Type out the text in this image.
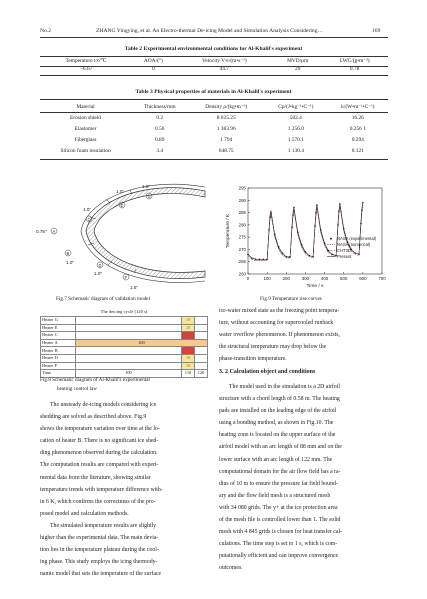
No.2	ZHANG Yingying, et al. An Electro-thermal De-icing Model and Simulation Analysis Considering…	169
Table 2 Experimental environmental conditions for Al-Khalil's experiment
Temperature t∞/℃	AOA/(°)	Velocity V∞/(m•s⁻¹)	MVD/μm	LWC/(g•m⁻³)
−6.67	0	44.7	20	0.78
Table 3 Physical properties of materials in Al-Khalil's experiment
Material	Thickness/mm	Density ρ/(kg•m⁻³)	Cp/(J•kg⁻¹•C⁻¹)	k/(W•m⁻¹•C⁻¹)
Erosion shield	0.2	8 025.25	502.4	16.26
Elastomer	0.56	1 383.96	1 256.0	0.256 1
Fiberglass	0.89	1 794	1 570.1	0.294
Silicon foam insulation	3.4	648.75	1 130.4	0.121
1.5"
G
1.0"
E
1.0"
C
0.75" A
B
1.0"
D
1.0"
F
1.5"
Fig.7 Schematic diagram of validation model
The deicing cycle (120 s)
Heater G		10	
Heater E		10	
Heater C			
Heater A	100		
Heater B			
Heater D		10	
Heater F		10	
Time	100	110	120
Fig.8 Schematic diagram of Al-Khalil's experimental
heating control law
0	100	200	300	400	500	600	700
260
265
270
275
280
285
290
295
Time / s
Temperature / K	NASA (experimental)
NASA (numerical)
CHT3D
Present
Fig.9 Temperature rise curves
The unsteady de-icing models considering ice
shedding are solved as described above. Fig.9
shows the temperature variation over time at the lo-
cation of heater B. There is no significant ice shed-
ding phenomenon observed during the calculation.
The computation results are compared with experi-
mental data from the literature, showing similar
temperature trends with temperature difference with-
in 6 K, which confirms the correctness of the pro-
posed model and calculation methods.
The simulated temperature results are slightly
higher than the experimental data. The main devia-
tion lies in the temperature plateau during the cool-
ing phase. This study employs the icing thermody-
namic model that sets the temperature of the surface
ice-water mixed state as the freezing point tempera-
ture, without accounting for supercooled runback
water overflow phenomenon. If phenomenon exists,
the structural temperature may drop below the
phase-transition temperature.
3. 2 Calculation object and conditions
The model used in the simulation is a 2D airfoil
structure with a chord length of 0.58 m. The heating
pads are installed on the leading edge of the airfoil
using a bonding method, as shown in Fig.10. The
heating zone is located on the upper surface of the
airfoil model with an arc length of 88 mm and on the
lower surface with an arc length of 122 mm. The
computational domain for the air flow field has a ra-
dius of 10 m to ensure the pressure far field bound-
ary and the flow field mesh is a structured mesh
with 34 080 grids. The y+ at the ice protection area
of the mesh file is controlled lower than 1. The solid
mesh with 4 845 grids is chosen for heat transfer cal-
culations. The time step is set to 1 s, which is com-
putationally efficient and can improve convergence
outcomes.
